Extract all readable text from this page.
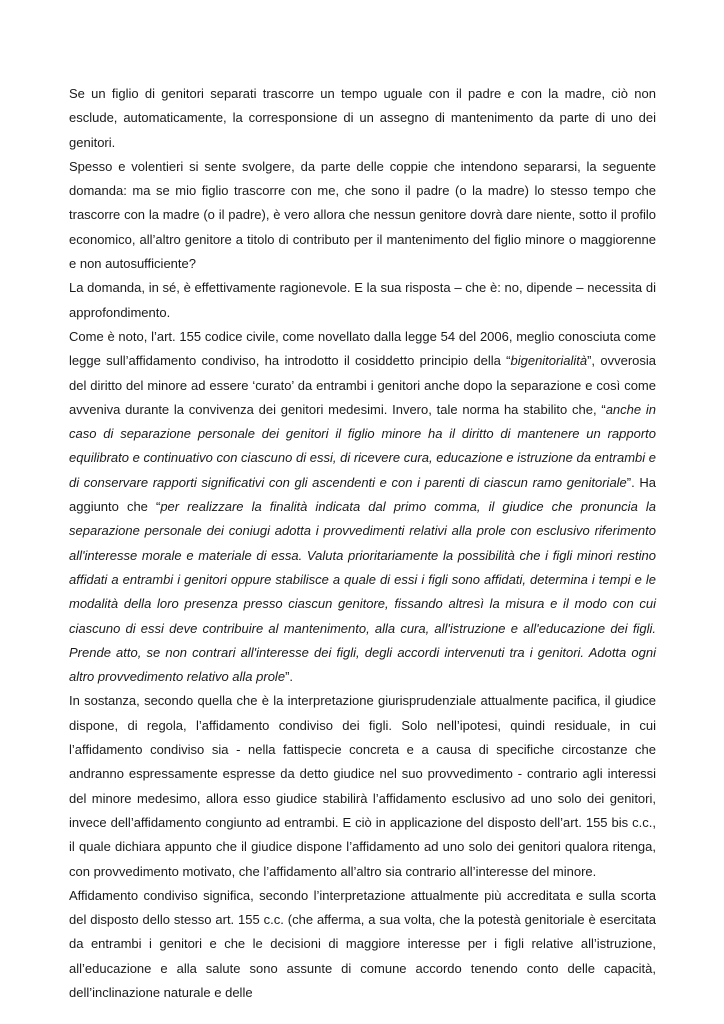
Se un figlio di genitori separati trascorre un tempo uguale con il padre e con la madre, ciò non esclude, automaticamente, la corresponsione di un assegno di mantenimento da parte di uno dei genitori.

Spesso e volentieri si sente svolgere, da parte delle coppie che intendono separarsi, la seguente domanda: ma se mio figlio trascorre con me, che sono il padre (o la madre) lo stesso tempo che trascorre con la madre (o il padre), è vero allora che nessun genitore dovrà dare niente, sotto il profilo economico, all’altro genitore a titolo di contributo per il mantenimento del figlio minore o maggiorenne e non autosufficiente?

La domanda, in sé, è effettivamente ragionevole. E la sua risposta – che è: no, dipende – necessita di approfondimento.

Come è noto, l’art. 155 codice civile, come novellato dalla legge 54 del 2006, meglio conosciuta come legge sull’affidamento condiviso, ha introdotto il cosiddetto principio della “bigenitorialità”, ovverosia del diritto del minore ad essere ‘curato’ da entrambi i genitori anche dopo la separazione e così come avveniva durante la convivenza dei genitori medesimi. Invero, tale norma ha stabilito che, “anche in caso di separazione personale dei genitori il figlio minore ha il diritto di mantenere un rapporto equilibrato e continuativo con ciascuno di essi, di ricevere cura, educazione e istruzione da entrambi e di conservare rapporti significativi con gli ascendenti e con i parenti di ciascun ramo genitoriale”. Ha aggiunto che “per realizzare la finalità indicata dal primo comma, il giudice che pronuncia la separazione personale dei coniugi adotta i provvedimenti relativi alla prole con esclusivo riferimento all'interesse morale e materiale di essa. Valuta prioritariamente la possibilità che i figli minori restino affidati a entrambi i genitori oppure stabilisce a quale di essi i figli sono affidati, determina i tempi e le modalità della loro presenza presso ciascun genitore, fissando altresì la misura e il modo con cui ciascuno di essi deve contribuire al mantenimento, alla cura, all'istruzione e all'educazione dei figli. Prende atto, se non contrari all'interesse dei figli, degli accordi intervenuti tra i genitori. Adotta ogni altro provvedimento relativo alla prole”.

In sostanza, secondo quella che è la interpretazione giurisprudenziale attualmente pacifica, il giudice dispone, di regola, l’affidamento condiviso dei figli. Solo nell’ipotesi, quindi residuale, in cui l’affidamento condiviso sia - nella fattispecie concreta e a causa di specifiche circostanze che andranno espressamente espresse da detto giudice nel suo provvedimento - contrario agli interessi del minore medesimo, allora esso giudice stabilirà l’affidamento esclusivo ad uno solo dei genitori, invece dell’affidamento congiunto ad entrambi. E ciò in applicazione del disposto dell’art. 155 bis c.c., il quale dichiara appunto che il giudice dispone l’affidamento ad uno solo dei genitori qualora ritenga, con provvedimento motivato, che l’affidamento all’altro sia contrario all’interesse del minore.

Affidamento condiviso significa, secondo l’interpretazione attualmente più accreditata e sulla scorta del disposto dello stesso art. 155 c.c. (che afferma, a sua volta, che la potestà genitoriale è esercitata da entrambi i genitori e che le decisioni di maggiore interesse per i figli relative all’istruzione, all’educazione e alla salute sono assunte di comune accordo tenendo conto delle capacità, dell’inclinazione naturale e delle
